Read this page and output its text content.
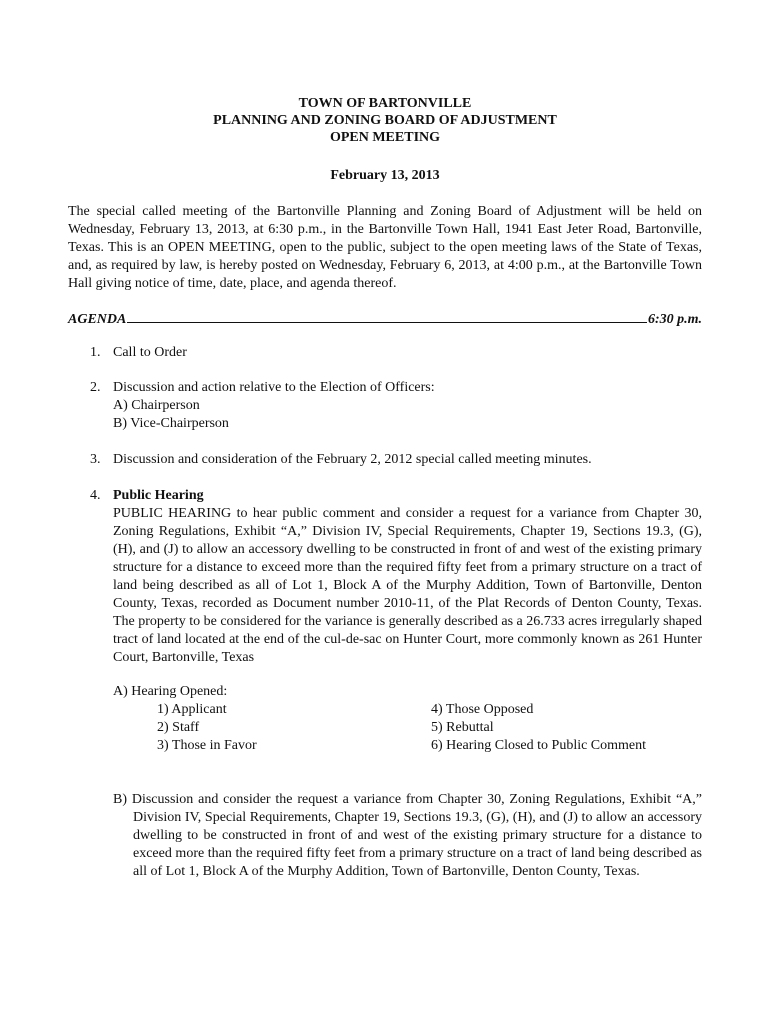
TOWN OF BARTONVILLE
PLANNING AND ZONING BOARD OF ADJUSTMENT
OPEN MEETING
February 13, 2013
The special called meeting of the Bartonville Planning and Zoning Board of Adjustment will be held on Wednesday, February 13, 2013, at 6:30 p.m., in the Bartonville Town Hall, 1941 East Jeter Road, Bartonville, Texas. This is an OPEN MEETING, open to the public, subject to the open meeting laws of the State of Texas, and, as required by law, is hereby posted on Wednesday, February 6, 2013, at 4:00 p.m., at the Bartonville Town Hall giving notice of time, date, place, and agenda thereof.
AGENDA	6:30 p.m.
1. Call to Order
2. Discussion and action relative to the Election of Officers:
A) Chairperson
B) Vice-Chairperson
3. Discussion and consideration of the February 2, 2012 special called meeting minutes.
4. Public Hearing
PUBLIC HEARING to hear public comment and consider a request for a variance from Chapter 30, Zoning Regulations, Exhibit “A,” Division IV, Special Requirements, Chapter 19, Sections 19.3, (G), (H), and (J) to allow an accessory dwelling to be constructed in front of and west of the existing primary structure for a distance to exceed more than the required fifty feet from a primary structure on a tract of land being described as all of Lot 1, Block A of the Murphy Addition, Town of Bartonville, Denton County, Texas, recorded as Document number 2010-11, of the Plat Records of Denton County, Texas. The property to be considered for the variance is generally described as a 26.733 acres irregularly shaped tract of land located at the end of the cul-de-sac on Hunter Court, more commonly known as 261 Hunter Court, Bartonville, Texas
A) Hearing Opened:
1) Applicant
2) Staff
3) Those in Favor
4) Those Opposed
5) Rebuttal
6) Hearing Closed to Public Comment
B) Discussion and consider the request a variance from Chapter 30, Zoning Regulations, Exhibit “A,” Division IV, Special Requirements, Chapter 19, Sections 19.3, (G), (H), and (J) to allow an accessory dwelling to be constructed in front of and west of the existing primary structure for a distance to exceed more than the required fifty feet from a primary structure on a tract of land being described as all of Lot 1, Block A of the Murphy Addition, Town of Bartonville, Denton County, Texas.
